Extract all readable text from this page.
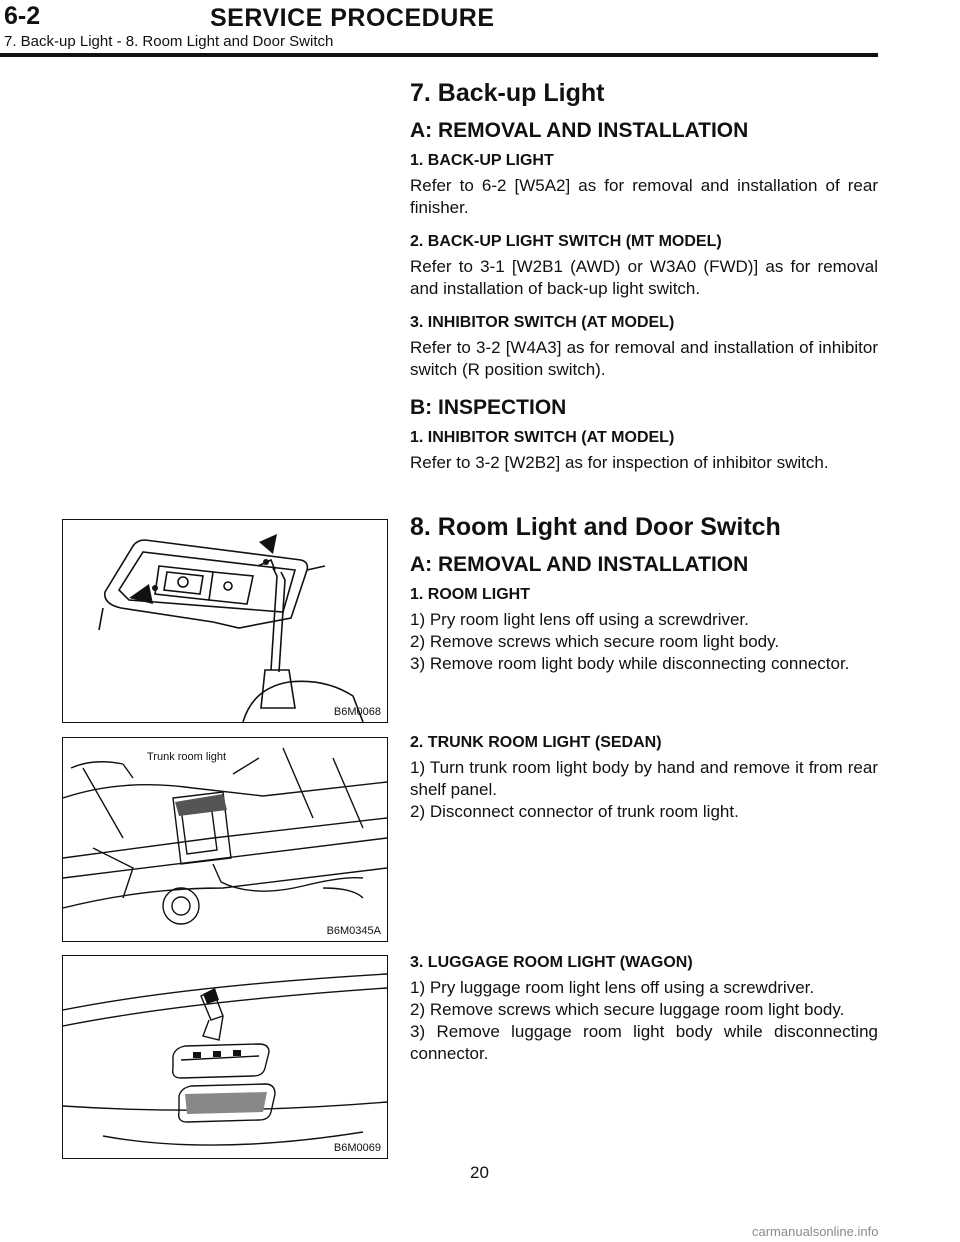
6-2	SERVICE PROCEDURE
7. Back-up Light - 8. Room Light and Door Switch
7. Back-up Light
A: REMOVAL AND INSTALLATION
1. BACK-UP LIGHT
Refer to 6-2 [W5A2] as for removal and installation of rear finisher.
2. BACK-UP LIGHT SWITCH (MT MODEL)
Refer to 3-1 [W2B1 (AWD) or W3A0 (FWD)] as for removal and installation of back-up light switch.
3. INHIBITOR SWITCH (AT MODEL)
Refer to 3-2 [W4A3] as for removal and installation of inhibitor switch (R position switch).
B: INSPECTION
1. INHIBITOR SWITCH (AT MODEL)
Refer to 3-2 [W2B2] as for inspection of inhibitor switch.
8. Room Light and Door Switch
A: REMOVAL AND INSTALLATION
1. ROOM LIGHT
1) Pry room light lens off using a screwdriver.
2) Remove screws which secure room light body.
3) Remove room light body while disconnecting connector.
2. TRUNK ROOM LIGHT (SEDAN)
1) Turn trunk room light body by hand and remove it from rear shelf panel.
2) Disconnect connector of trunk room light.
3. LUGGAGE ROOM LIGHT (WAGON)
1) Pry luggage room light lens off using a screwdriver.
2) Remove screws which secure luggage room light body.
3) Remove luggage room light body while disconnecting connector.
B6M0068
Trunk room light
B6M0345A
B6M0069
20
carmanualsonline.info
